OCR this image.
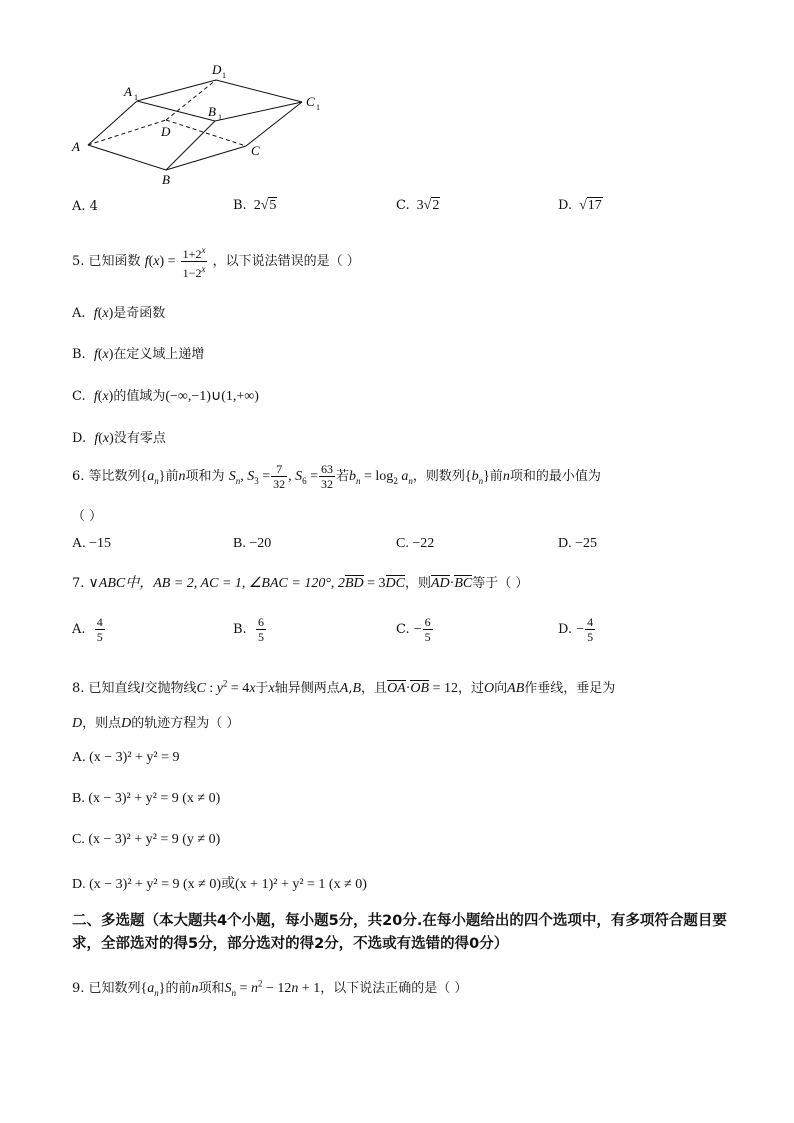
A
B
C
D
A 1
D 1
B 1
C 1
A. 4	B. 2√5	C. 3√2	D.  √17
5. 已知函数 $f(x) = \frac{1+2^x}{1-2^x}$ ，以下说法错误的是（ ）
A. f(x)是奇函数
B. f(x)在定义域上递增
C. f(x)的值域为(−∞,−1)∪(1,+∞)
D. f(x)没有零点
6. 等比数列$\{a_n\}$前n项和为 $S_n$, $S_3 = \frac{7}{32}$ , $S_6 = \frac{63}{32}$ 若$b_n = \log_2 a_n$，则数列$\{b_n\}$前n项和的最小值为
（ ）
A. −15	B. −20	C. −22	D. −25
7. ∨ABC中，AB = 2, AC = 1, ∠BAC = 120°, 2BD = 3DC，则AD·BC等于（ ）
A. $\frac{4}{5}$	B. $\frac{6}{5}$	C. − $\frac{6}{5}$	D. − $\frac{4}{5}$
8. 已知直线l交抛物线C : $y^2 = 4x$于x轴异侧两点A,B，且OA·OB = 12，过O向AB作垂线，垂足为
D，则点D的轨迹方程为（ ）
A. (x − 3)² + y² = 9
B. (x − 3)² + y² = 9 (x ≠ 0)
C. (x − 3)² + y² = 9 (y ≠ 0)
D. (x − 3)² + y² = 9 (x ≠ 0)或(x + 1)² + y² = 1 (x ≠ 0)
二、多选题（本大题共4个小题，每小题5分，共20分.在每小题给出的四个选项中，有多项符合题目要求，全部选对的得5分，部分选对的得2分，不选或有选错的得0分）
9. 已知数列$\{a_n\}$的前n项和$S_n = n^2 - 12n + 1$，以下说法正确的是（ ）
